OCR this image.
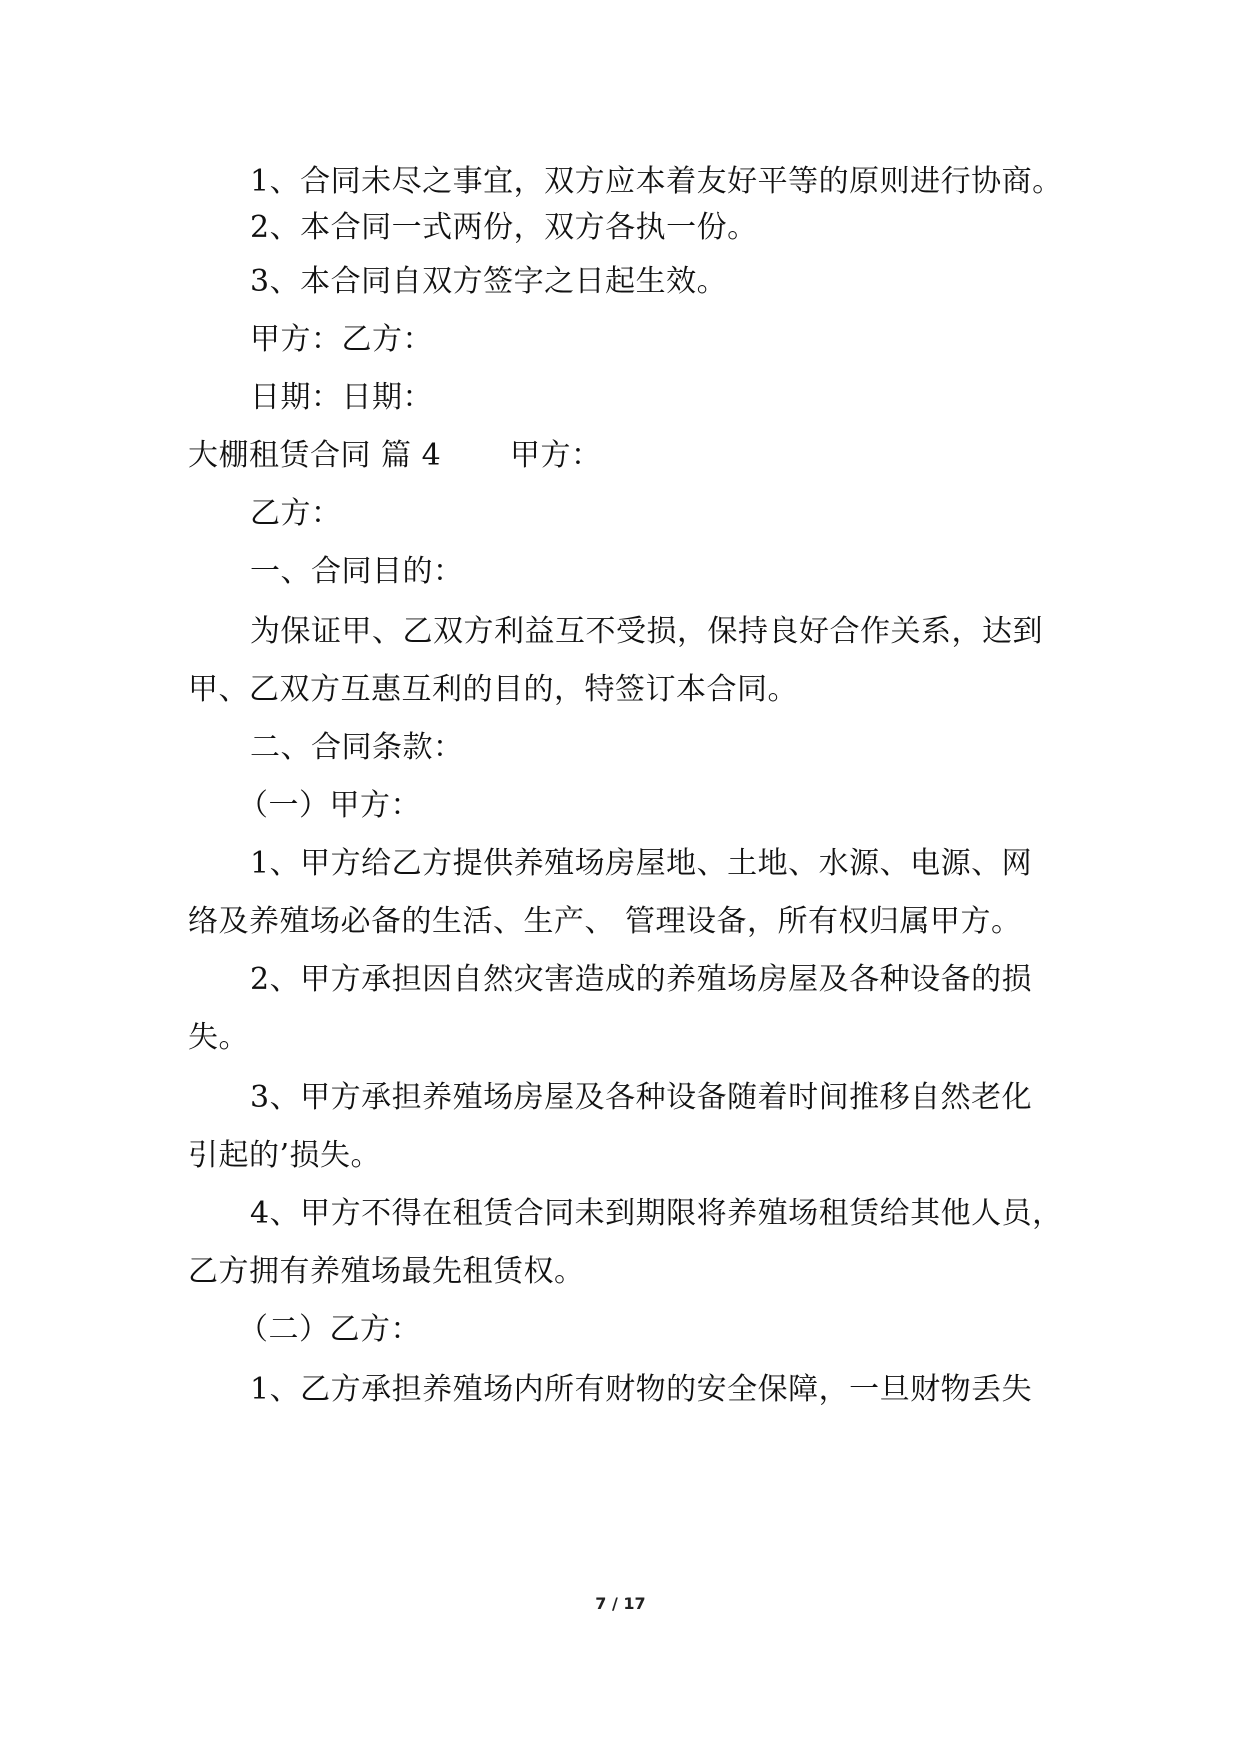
1、合同未尽之事宜，双方应本着友好平等的原则进行协商。
2、本合同一式两份，双方各执一份。
3、本合同自双方签字之日起生效。
甲方：乙方：
日期：日期：
大棚租赁合同 篇 4 甲方：
乙方：
一、合同目的：
为保证甲、乙双方利益互不受损，保持良好合作关系，达到
甲、乙双方互惠互利的目的，特签订本合同。
二、合同条款：
（一）甲方：
1、甲方给乙方提供养殖场房屋地、土地、水源、电源、网
络及养殖场必备的生活、生产、 管理设备，所有权归属甲方。
2、甲方承担因自然灾害造成的养殖场房屋及各种设备的损
失。
3、甲方承担养殖场房屋及各种设备随着时间推移自然老化
引起的’损失。
4、甲方不得在租赁合同未到期限将养殖场租赁给其他人员，
乙方拥有养殖场最先租赁权。
（二）乙方：
1、乙方承担养殖场内所有财物的安全保障，一旦财物丢失
7 / 17
